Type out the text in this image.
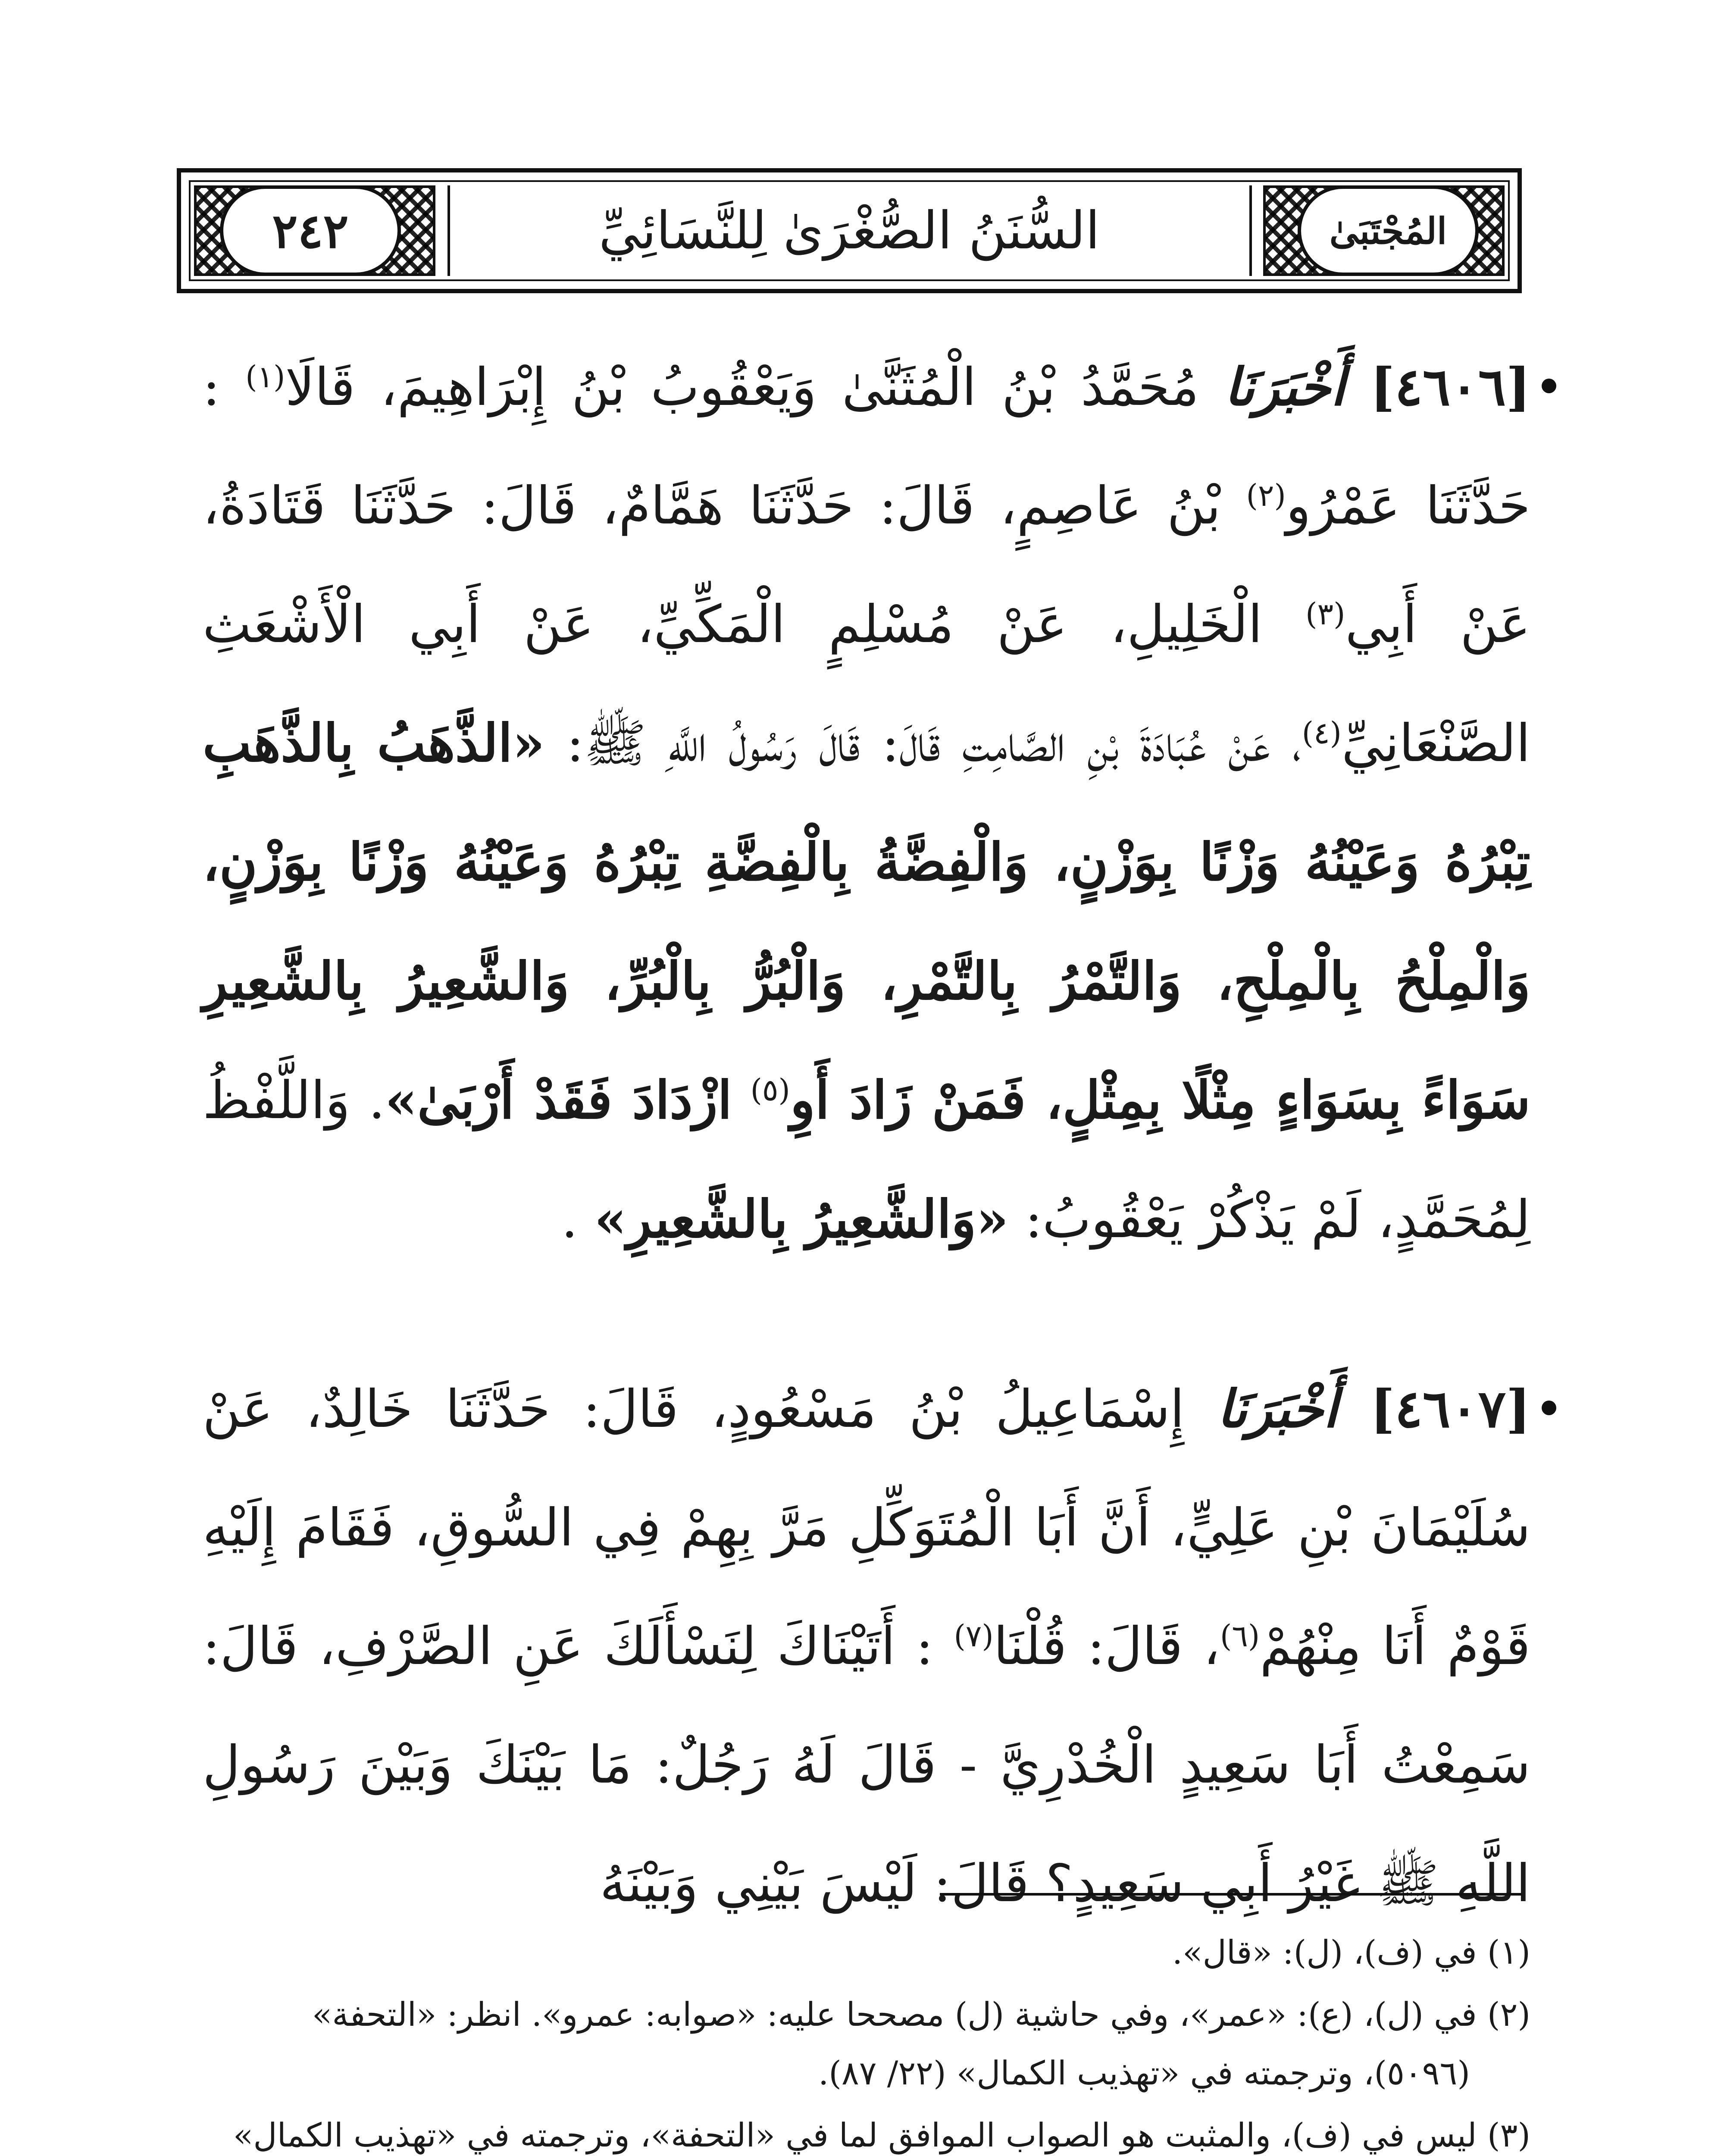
٢٤٢	المُجْتَبَىٰ
السُّنَنُ الصُّغْرَىٰ لِلنَّسَائِيِّ
[٤٦٠٦] أَخْبَرَنَا مُحَمَّدُ بْنُ الْمُثَنَّىٰ وَيَعْقُوبُ بْنُ إِبْرَاهِيمَ، قَالَا$^{(١)}$ : حَدَّثَنَا عَمْرُو$^{(٢)}$ بْنُ عَاصِمٍ، قَالَ: حَدَّثَنَا هَمَّامٌ، قَالَ: حَدَّثَنَا قَتَادَةُ، عَنْ أَبِي$^{(٣)}$ الْخَلِيلِ، عَنْ مُسْلِمٍ الْمَكِّيِّ، عَنْ أَبِي الْأَشْعَثِ الصَّنْعَانِيِّ$^{(٤)}$، عَنْ عُبَادَةَ بْنِ الصَّامِتِ قَالَ: قَالَ رَسُولُ اللَّهِ ﷺ: «الذَّهَبُ بِالذَّهَبِ تِبْرُهُ وَعَيْنُهُ وَزْنًا بِوَزْنٍ، وَالْفِضَّةُ بِالْفِضَّةِ تِبْرُهُ وَعَيْنُهُ وَزْنًا بِوَزْنٍ، وَالْمِلْحُ بِالْمِلْحِ، وَالتَّمْرُ بِالتَّمْرِ، وَالْبُرُّ بِالْبُرِّ، وَالشَّعِيرُ بِالشَّعِيرِ سَوَاءً بِسَوَاءٍ مِثْلًا بِمِثْلٍ، فَمَنْ زَادَ أَوِ$^{(٥)}$ ازْدَادَ فَقَدْ أَرْبَىٰ». وَاللَّفْظُ لِمُحَمَّدٍ، لَمْ يَذْكُرْ يَعْقُوبُ: «وَالشَّعِيرُ بِالشَّعِيرِ» .
[٤٦٠٧] أَخْبَرَنَا إِسْمَاعِيلُ بْنُ مَسْعُودٍ، قَالَ: حَدَّثَنَا خَالِدٌ، عَنْ سُلَيْمَانَ بْنِ عَلِيٍّ، أَنَّ أَبَا الْمُتَوَكِّلِ مَرَّ بِهِمْ فِي السُّوقِ، فَقَامَ إِلَيْهِ قَوْمٌ أَنَا مِنْهُمْ$^{(٦)}$، قَالَ: قُلْنَا$^{(٧)}$ : أَتَيْنَاكَ لِنَسْأَلَكَ عَنِ الصَّرْفِ، قَالَ: سَمِعْتُ أَبَا سَعِيدٍ الْخُدْرِيَّ - قَالَ لَهُ رَجُلٌ: مَا بَيْنَكَ وَبَيْنَ رَسُولِ اللَّهِ ﷺ غَيْرُ أَبِي سَعِيدٍ؟ قَالَ: لَيْسَ بَيْنِي وَبَيْنَهُ
(١) في (ف)، (ل): «قال».
(٢) في (ل)، (ع): «عمر»، وفي حاشية (ل) مصححا عليه: «صوابه: عمرو». انظر: «التحفة»
(٥٠٩٦)، وترجمته في «تهذيب الكمال» (٢٢/ ٨٧).
(٣) ليس في (ف)، والمثبت هو الصواب الموافق لما في «التحفة»، وترجمته في «تهذيب الكمال»
